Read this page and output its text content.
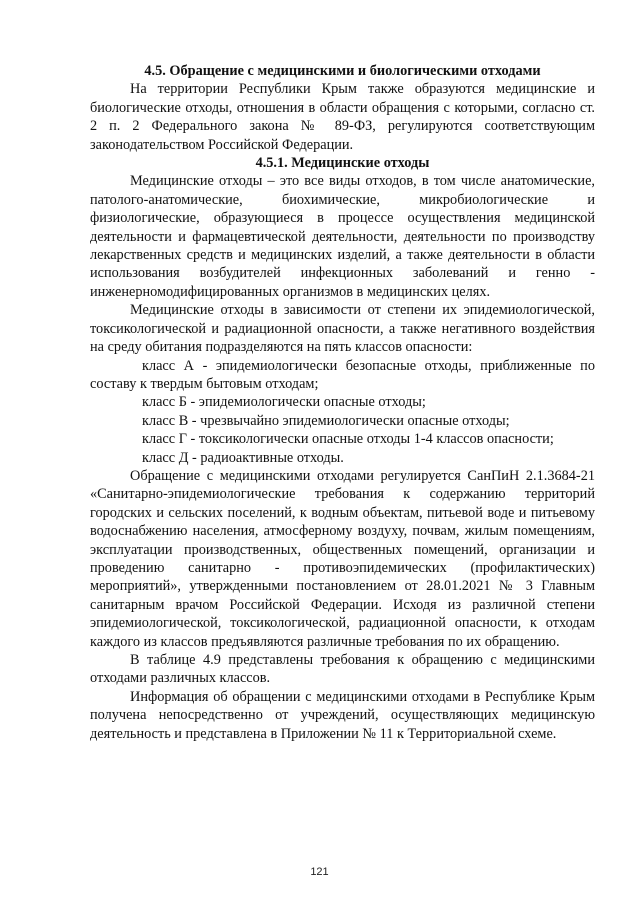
4.5. Обращение с медицинскими и биологическими отходами

На территории Республики Крым также образуются медицинские и биологические отходы, отношения в области обращения с которыми, согласно ст. 2 п. 2 Федерального закона № 89-ФЗ, регулируются соответствующим законодательством Российской Федерации.

4.5.1. Медицинские отходы

Медицинские отходы – это все виды отходов, в том числе анатомические, патолого-анатомические, биохимические, микробиологические и физиологические, образующиеся в процессе осуществления медицинской деятельности и фармацевтической деятельности, деятельности по производству лекарственных средств и медицинских изделий, а также деятельности в области использования возбудителей инфекционных заболеваний и генно - инженерномодифицированных организмов в медицинских целях.

Медицинские отходы в зависимости от степени их эпидемиологической, токсикологической и радиационной опасности, а также негативного воздействия на среду обитания подразделяются на пять классов опасности:

класс А - эпидемиологически безопасные отходы, приближенные по составу к твердым бытовым отходам;

класс Б - эпидемиологически опасные отходы;

класс В - чрезвычайно эпидемиологически опасные отходы;

класс Г - токсикологически опасные отходы 1-4 классов опасности;

класс Д - радиоактивные отходы.

Обращение с медицинскими отходами регулируется СанПиН 2.1.3684-21 «Санитарно-эпидемиологические требования к содержанию территорий городских и сельских поселений, к водным объектам, питьевой воде и питьевому водоснабжению населения, атмосферному воздуху, почвам, жилым помещениям, эксплуатации производственных, общественных помещений, организации и проведению санитарно - противоэпидемических (профилактических) мероприятий», утвержденными постановлением от 28.01.2021 № 3 Главным санитарным врачом Российской Федерации. Исходя из различной степени эпидемиологической, токсикологической, радиационной опасности, к отходам каждого из классов предъявляются различные требования по их обращению.

В таблице 4.9 представлены требования к обращению с медицинскими отходами различных классов.

Информация об обращении с медицинскими отходами в Республике Крым получена непосредственно от учреждений, осуществляющих медицинскую деятельность и представлена в Приложении № 11 к Территориальной схеме.

121
